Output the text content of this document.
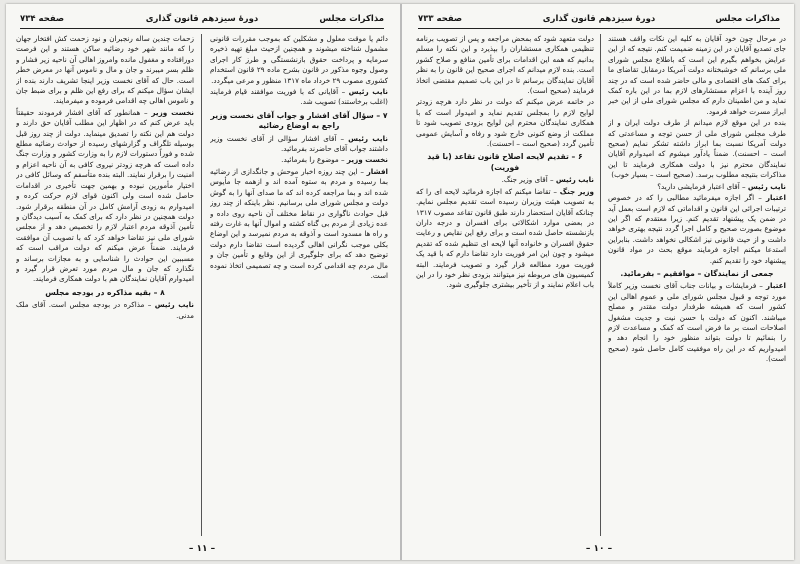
مذاکرات مجلس
دورهٔ سیزدهم قانون گذاری
صفحه ۷۳۴

دائم یا موقت معلول و مشکلین که بموجب مقررات قانونی مشمول شناخته میشوند و همچنین ازحیث مبلغ تهیه ذخیره سرمایه و پرداخت حقوق بازنشستگی و طرز کار اجرای وصول وجوه مذکور در قانون بشرح ماده ۲۹ قانون استخدام کشوری مصوب ۲۹ خرداد ماه ۱۳۱۷ منظور و مرعی میگردد.

نایب رئیس – آقایانی که با فوریت موافقند قیام فرمایند (اغلب برخاستند) تصویب شد.

۷ – سؤال آقای افشار و جواب آقای نخست وزیر راجع به اوضاع رضائیه

نایب رئیس – آقای افشار سؤالی از آقای نخست وزیر داشتند جواب آقای حاضرند بفرمائید.

نخست وزیر – موضوع را بفرمائید.

افشار – این چند روزه اخبار موحش و جانگدازی از رضائیه بما رسیده و مردم به ستوه آمده اند و ازهمه جا مأیوس شده اند و بما مراجعه کرده اند که ما صدای آنها را به گوش دولت و مجلس شورای ملی برسانیم. نظر باینکه از چند روز قبل حوادث ناگواری در نقاط مختلف آن ناحیه روی داده و عده زیادی از مردم بی گناه کشته و اموال آنها به غارت رفته و راه ها مسدود است و آذوقه به مردم نمیرسد و این اوضاع بکلی موجب نگرانی اهالی گردیده است تقاضا دارم دولت توضیح دهد که برای جلوگیری از این وقایع و تأمین جان و مال مردم چه اقدامی کرده است و چه تصمیمی اتخاذ نموده است.

زحمات چندین ساله رنجبران و نود زحمت کش افتخار جهان را که مانند شهر خود رضائیه ساکن هستند و این فرصت دورافتاده و مغفول مانده وامروز اهالی آن ناحیه زیر فشار و ظلم بسر میبرند و جان و مال و ناموس آنها در معرض خطر است. حال که آقای نخست وزیر اینجا تشریف دارند بنده از ایشان سؤال میکنم که برای رفع این ظلم و برای ضبط جان و ناموس اهالی چه اقدامی فرموده و میفرمایند.

نخست وزیر – همانطور که آقای افشار فرمودند حقیقتاً باید عرض کنم که در اظهار این مطلب آقایان حق دارند و دولت هم این نکته را تصدیق مینماید. دولت از چند روز قبل بوسیله تلگراف و گزارشهای رسیده از حوادث رضائیه مطلع شده و فوراً دستورات لازم را به وزارت کشور و وزارت جنگ داده است که هرچه زودتر نیروی کافی به آن ناحیه اعزام و امنیت را برقرار نمایند. البته بنده متأسفم که وسائل کافی در اختیار مأمورین نبوده و بهمین جهت تأخیری در اقدامات حاصل شده است ولی اکنون قوای لازم حرکت کرده و امیدوارم به زودی آرامش کامل در آن منطقه برقرار شود. دولت همچنین در نظر دارد که برای کمک به آسیب دیدگان و تأمین آذوقه مردم اعتبار لازم را تخصیص دهد و از مجلس شورای ملی نیز تقاضا خواهد کرد که با تصویب آن موافقت فرمایند. ضمناً عرض میکنم که دولت مراقب است که مسببین این حوادث را شناسایی و به مجازات برساند و نگذارد که جان و مال مردم مورد تعرض قرار گیرد و امیدوارم آقایان نمایندگان هم با دولت همکاری فرمایند.

۸ – بقیه مذاکره در بودجه مجلس

نایب رئیس – مذاکره در بودجه مجلس است. آقای ملک مدنی.

– ۱۱ –
مذاکرات مجلس
دورهٔ سیزدهم قانون گذاری
صفحه ۷۳۳

در مرحال چون خود آقایان به کلیه این نکات واقف هستند جای تصدیع آقایان در این زمینه ضمیمت کنم. نتیجه که از این عرایض بخواهم بگیرم این است که باطلاع مجلس شورای ملی برسانم که خوشبختانه دولت آمریکا درمقابل تقاضای ما برای کمک های اقتصادی و مالی حاضر شده است که در چند روز آینده با اعزام مستشارهای لازم بما در این باره کمک نماید و من اطمینان دارم که مجلس شورای ملی از این خبر ابراز مسرت خواهد فرمود.

بنده در این موقع لازم میدانم از طرف دولت ایران و از طرف مجلس شورای ملی از حسن توجه و مساعدتی که دولت آمریکا نسبت بما ابراز داشته تشکر نمایم (صحیح است – احسنت). ضمناً یادآور میشوم که امیدوارم آقایان نمایندگان محترم نیز با دولت همکاری فرمایند تا این مذاکرات بنتیجه مطلوب برسد. (صحیح است – بسیار خوب)

نایب رئیس – آقای اعتبار فرمایشی دارید؟

اعتبار – اگر اجازه میفرمائید مطالبی را که در خصوص ترتیبات اجرائی این قانون و اقداماتی که لازم است بعمل آید در ضمن یک پیشنهاد تقدیم کنم. زیرا معتقدم که اگر این موضوع بصورت صحیح و کامل اجرا گردد نتیجه بهتری خواهد داشت و از حیث قانونی نیز اشکالی نخواهد داشت. بنابراین استدعا میکنم اجازه فرمایند موقع بحث در مواد قانون پیشنهاد خود را تقدیم کنم.

جمعی از نمایندگان – موافقیم – بفرمائید.

اعتبار – فرمایشات و بیانات جناب آقای نخست وزیر کاملاً مورد توجه و قبول مجلس شورای ملی و عموم اهالی این کشور است که همیشه طرفدار دولت مقتدر و مصلح میباشند. اکنون که دولت با حسن نیت و جدیت مشغول اصلاحات است بر ما فرض است که کمک و مساعدت لازم را بنمائیم تا دولت بتواند منظور خود را انجام دهد و امیدواریم که در این راه موفقیت کامل حاصل شود (صحیح است).

دولت متعهد شود که بمحض مراجعه و پس از تصویب برنامه تنظیمی همکاری مستشاران را بپذیرد و این نکته را مسلم بدانیم که همه این اقدامات برای تأمین منافع و صلاح کشور است. بنده لازم میدانم که اجرای صحیح این قانون را به نظر آقایان نمایندگان برسانم تا در این باب تصمیم مقتضی اتخاذ فرمایند (صحیح است).

در خاتمه عرض میکنم که دولت در نظر دارد هرچه زودتر لوایح لازم را بمجلس تقدیم نماید و امیدوار است که با همکاری نمایندگان محترم این لوایح بزودی تصویب شود تا مملکت از وضع کنونی خارج شود و رفاه و آسایش عمومی تأمین گردد (صحیح است – احسنت).

۶ – تقدیم لایحه اصلاح قانون تقاعد (با قید فوریت)

نایب رئیس – آقای وزیر جنگ.

وزیر جنگ – تقاضا میکنم که اجازه فرمائید لایحه ای را که به تصویب هیئت وزیران رسیده است تقدیم مجلس نمایم. چنانکه آقایان استحضار دارند طبق قانون تقاعد مصوب ۱۳۱۷ در بعضی موارد اشکالاتی برای افسران و درجه داران بازنشسته حاصل شده است و برای رفع این نقایص و رعایت حقوق افسران و خانواده آنها لایحه ای تنظیم شده که تقدیم میشود و چون این امر فوریت دارد تقاضا دارم که با قید یک فوریت مورد مطالعه قرار گیرد و تصویب فرمایند. البته کمیسیون های مربوطه نیز میتوانند بزودی نظر خود را در این باب اعلام نمایند و از تأخیر بیشتری جلوگیری شود.

– ۱۰ –
